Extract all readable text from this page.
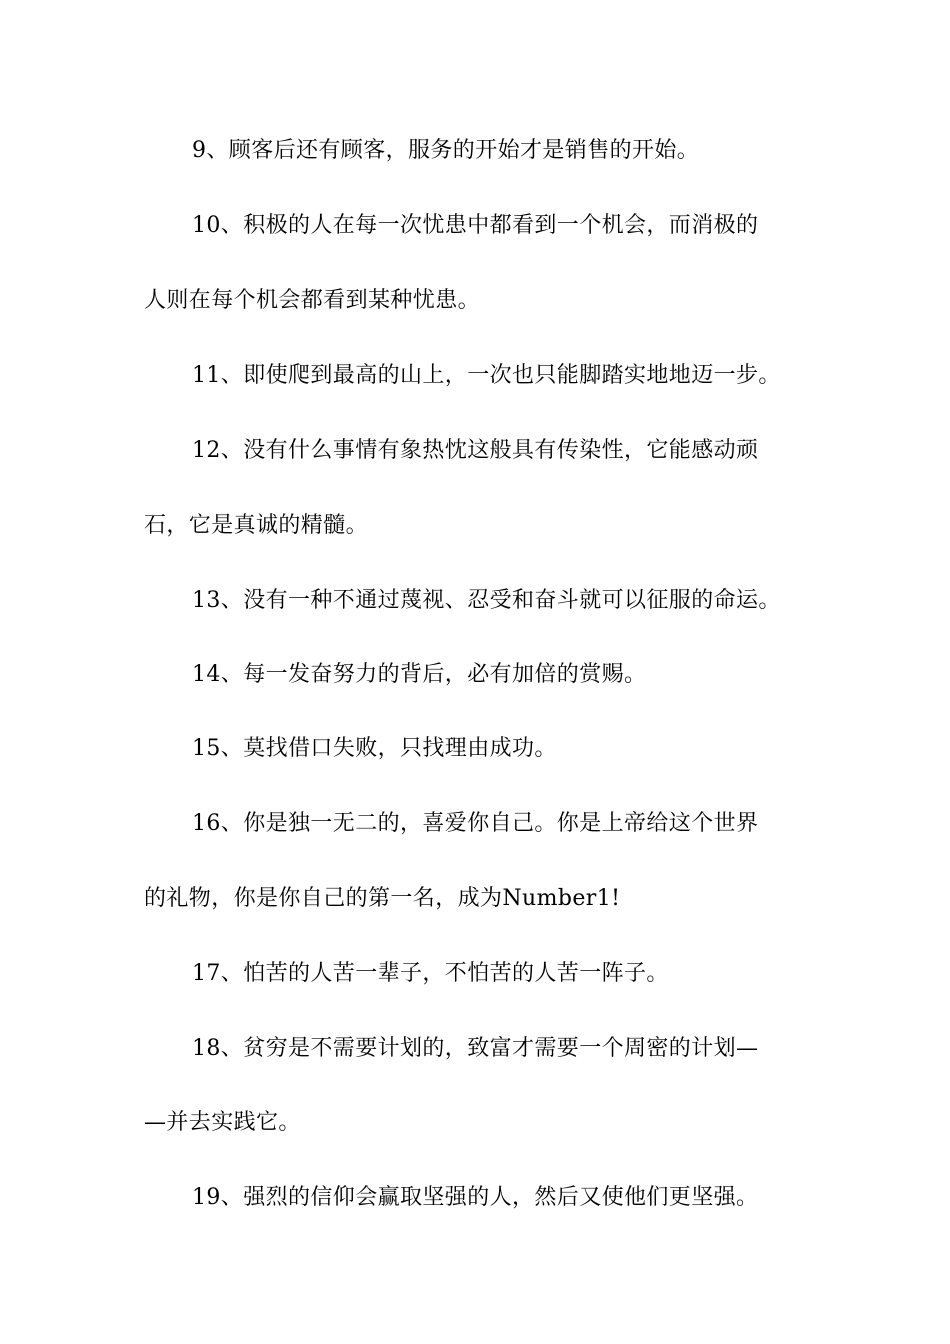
9、顾客后还有顾客，服务的开始才是销售的开始。
10、积极的人在每一次忧患中都看到一个机会，而消极的
人则在每个机会都看到某种忧患。
11、即使爬到最高的山上，一次也只能脚踏实地地迈一步。
12、没有什么事情有象热忱这般具有传染性，它能感动顽
石，它是真诚的精髓。
13、没有一种不通过蔑视、忍受和奋斗就可以征服的命运。
14、每一发奋努力的背后，必有加倍的赏赐。
15、莫找借口失败，只找理由成功。
16、你是独一无二的，喜爱你自己。你是上帝给这个世界
的礼物，你是你自己的第一名，成为Number1!
17、怕苦的人苦一辈子，不怕苦的人苦一阵子。
18、贫穷是不需要计划的，致富才需要一个周密的计划—
—并去实践它。
19、强烈的信仰会赢取坚强的人，然后又使他们更坚强。
